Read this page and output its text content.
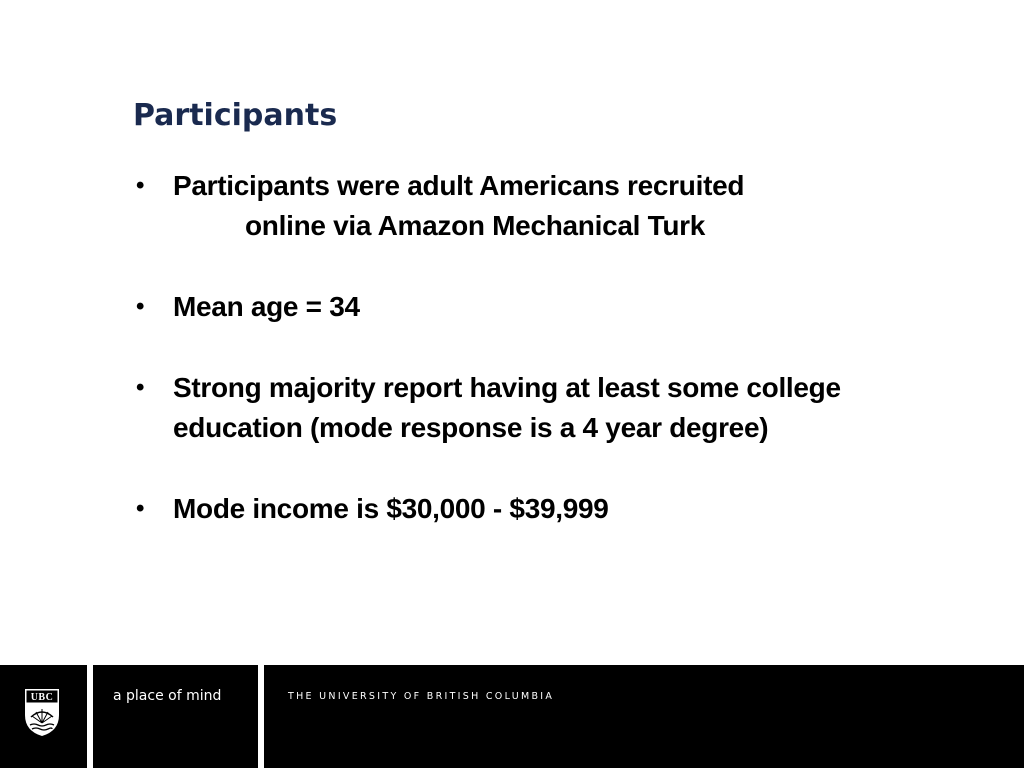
Participants
• Participants were adult Americans recruited
online via Amazon Mechanical Turk
• Mean age = 34
• Strong majority report having at least some college
education (mode response is a 4 year degree)
• Mode income is $30,000 - $39,999
UBC	a place of mind	THE UNIVERSITY OF BRITISH COLUMBIA
